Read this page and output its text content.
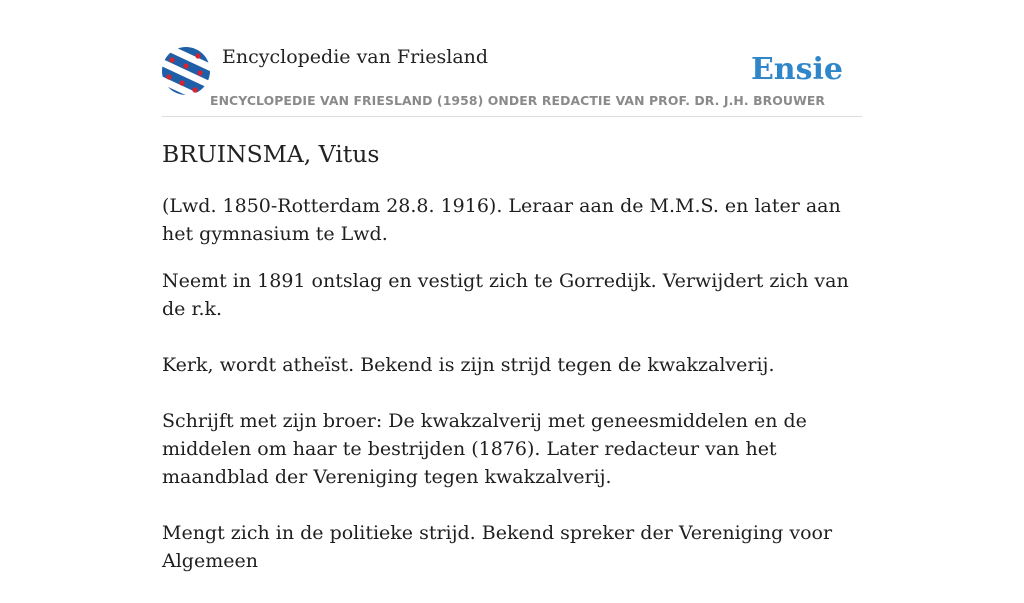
Encyclopedie van Friesland	Ensie
ENCYCLOPEDIE VAN FRIESLAND (1958) ONDER REDACTIE VAN PROF. DR. J.H. BROUWER
BRUINSMA, Vitus

(Lwd. 1850-Rotterdam 28.8. 1916). Leraar aan de M.M.S. en later aan het gymnasium te Lwd.

Neemt in 1891 ontslag en vestigt zich te Gorredijk. Verwijdert zich van de r.k.

Kerk, wordt atheïst. Bekend is zijn strijd tegen de kwakzalverij.

Schrijft met zijn broer: De kwakzalverij met geneesmiddelen en de middelen om haar te bestrijden (1876). Later redacteur van het maandblad der Vereniging tegen kwakzalverij.

Mengt zich in de politieke strijd. Bekend spreker der Vereniging voor Algemeen
